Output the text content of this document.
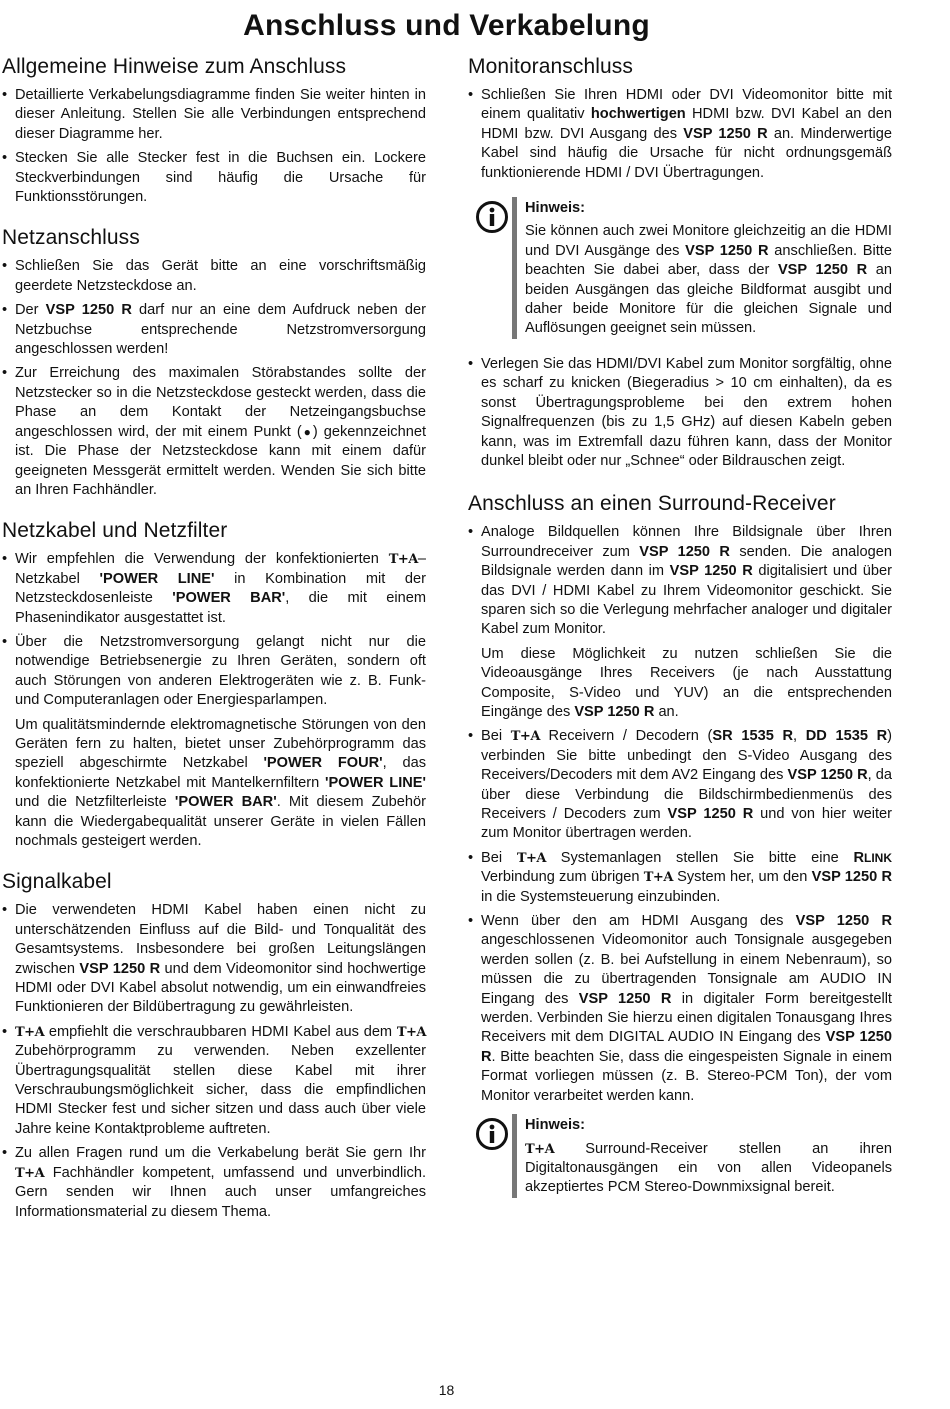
Anschluss und Verkabelung
Allgemeine Hinweise zum Anschluss
• Detaillierte Verkabelungsdiagramme finden Sie weiter hinten in dieser Anleitung. Stellen Sie alle Verbindungen entsprechend dieser Diagramme her.
• Stecken Sie alle Stecker fest in die Buchsen ein. Lockere Steckverbindungen sind häufig die Ursache für Funktionsstörungen.
Netzanschluss
• Schließen Sie das Gerät bitte an eine vorschriftsmäßig geerdete Netzsteckdose an.
• Der VSP 1250 R darf nur an eine dem Aufdruck neben der Netzbuchse entsprechende Netzstromversorgung angeschlossen werden!
• Zur Erreichung des maximalen Störabstandes sollte der Netzstecker so in die Netzsteckdose gesteckt werden, dass die Phase an dem Kontakt der Netzeingangsbuchse angeschlossen wird, der mit einem Punkt (●) gekennzeichnet ist. Die Phase der Netzsteckdose kann mit einem dafür geeigneten Messgerät ermittelt werden. Wenden Sie sich bitte an Ihren Fachhändler.
Netzkabel und Netzfilter
• Wir empfehlen die Verwendung der konfektionierten T+A–Netzkabel 'POWER LINE' in Kombination mit der Netzsteckdosenleiste 'POWER BAR', die mit einem Phasenindikator ausgestattet ist.
• Über die Netzstromversorgung gelangt nicht nur die notwendige Betriebsenergie zu Ihren Geräten, sondern oft auch Störungen von anderen Elektrogeräten wie z. B. Funk- und Computeranlagen oder Energiesparlampen.

Um qualitätsmindernde elektromagnetische Störungen von den Geräten fern zu halten, bietet unser Zubehörprogramm das speziell abgeschirmte Netzkabel 'POWER FOUR', das konfektionierte Netzkabel mit Mantelkernfiltern 'POWER LINE' und die Netzfilterleiste 'POWER BAR'. Mit diesem Zubehör kann die Wiedergabequalität unserer Geräte in vielen Fällen nochmals gesteigert werden.

Signalkabel
• Die verwendeten HDMI Kabel haben einen nicht zu unterschätzenden Einfluss auf die Bild- und Tonqualität des Gesamtsystems. Insbesondere bei großen Leitungslängen zwischen VSP 1250 R und dem Videomonitor sind hochwertige HDMI oder DVI Kabel absolut notwendig, um ein einwandfreies Funktionieren der Bildübertragung zu gewährleisten.
• T+A empfiehlt die verschraubbaren HDMI Kabel aus dem T+A Zubehörprogramm zu verwenden. Neben exzellenter Übertragungsqualität stellen diese Kabel mit ihrer Verschraubungsmöglichkeit sicher, dass die empfindlichen HDMI Stecker fest und sicher sitzen und dass auch über viele Jahre keine Kontaktprobleme auftreten.
• Zu allen Fragen rund um die Verkabelung berät Sie gern Ihr T+A Fachhändler kompetent, umfassend und unverbindlich. Gern senden wir Ihnen auch unser umfangreiches Informationsmaterial zu diesem Thema.
Monitoranschluss
• Schließen Sie Ihren HDMI oder DVI Videomonitor bitte mit einem qualitativ hochwertigen HDMI bzw. DVI Kabel an den HDMI bzw. DVI Ausgang des VSP 1250 R an. Minderwertige Kabel sind häufig die Ursache für nicht ordnungsgemäß funktionierende HDMI / DVI Übertragungen.
Hinweis:
Sie können auch zwei Monitore gleichzeitig an die HDMI und DVI Ausgänge des VSP 1250 R anschließen. Bitte beachten Sie dabei aber, dass der VSP 1250 R an beiden Ausgängen das gleiche Bildformat ausgibt und daher beide Monitore für die gleichen Signale und Auflösungen geeignet sein müssen.
• Verlegen Sie das HDMI/DVI Kabel zum Monitor sorgfältig, ohne es scharf zu knicken (Biegeradius > 10 cm einhalten), da es sonst Übertragungsprobleme bei den extrem hohen Signalfrequenzen (bis zu 1,5 GHz) auf diesen Kabeln geben kann, was im Extremfall dazu führen kann, dass der Monitor dunkel bleibt oder nur „Schnee“ oder Bildrauschen zeigt.
Anschluss an einen Surround-Receiver
• Analoge Bildquellen können Ihre Bildsignale über Ihren Surroundreceiver zum VSP 1250 R senden. Die analogen Bildsignale werden dann im VSP 1250 R digitalisiert und über das DVI / HDMI Kabel zu Ihrem Videomonitor geschickt. Sie sparen sich so die Verlegung mehrfacher analoger und digitaler Kabel zum Monitor.

Um diese Möglichkeit zu nutzen schließen Sie die Videoausgänge Ihres Receivers (je nach Ausstattung Composite, S-Video und YUV) an die entsprechenden Eingänge des VSP 1250 R an.

• Bei T+A Receivern / Decodern (SR 1535 R, DD 1535 R) verbinden Sie bitte unbedingt den S-Video Ausgang des Receivers/Decoders mit dem AV2 Eingang des VSP 1250 R, da über diese Verbindung die Bildschirmbedienmenüs des Receivers / Decoders zum VSP 1250 R und von hier weiter zum Monitor übertragen werden.
• Bei T+A Systemanlagen stellen Sie bitte eine RLINK Verbindung zum übrigen T+A System her, um den VSP 1250 R in die Systemsteuerung einzubinden.
• Wenn über den am HDMI Ausgang des VSP 1250 R angeschlossenen Videomonitor auch Tonsignale ausgegeben werden sollen (z. B. bei Aufstellung in einem Nebenraum), so müssen die zu übertragenden Tonsignale am AUDIO IN Eingang des VSP 1250 R in digitaler Form bereitgestellt werden. Verbinden Sie hierzu einen digitalen Tonausgang Ihres Receivers mit dem DIGITAL AUDIO IN Eingang des VSP 1250 R. Bitte beachten Sie, dass die eingespeisten Signale in einem Format vorliegen müssen (z. B. Stereo-PCM Ton), der vom Monitor verarbeitet werden kann.
Hinweis:
T+A Surround-Receiver stellen an ihren Digitaltonausgängen ein von allen Videopanels akzeptiertes PCM Stereo-Downmixsignal bereit.
18
